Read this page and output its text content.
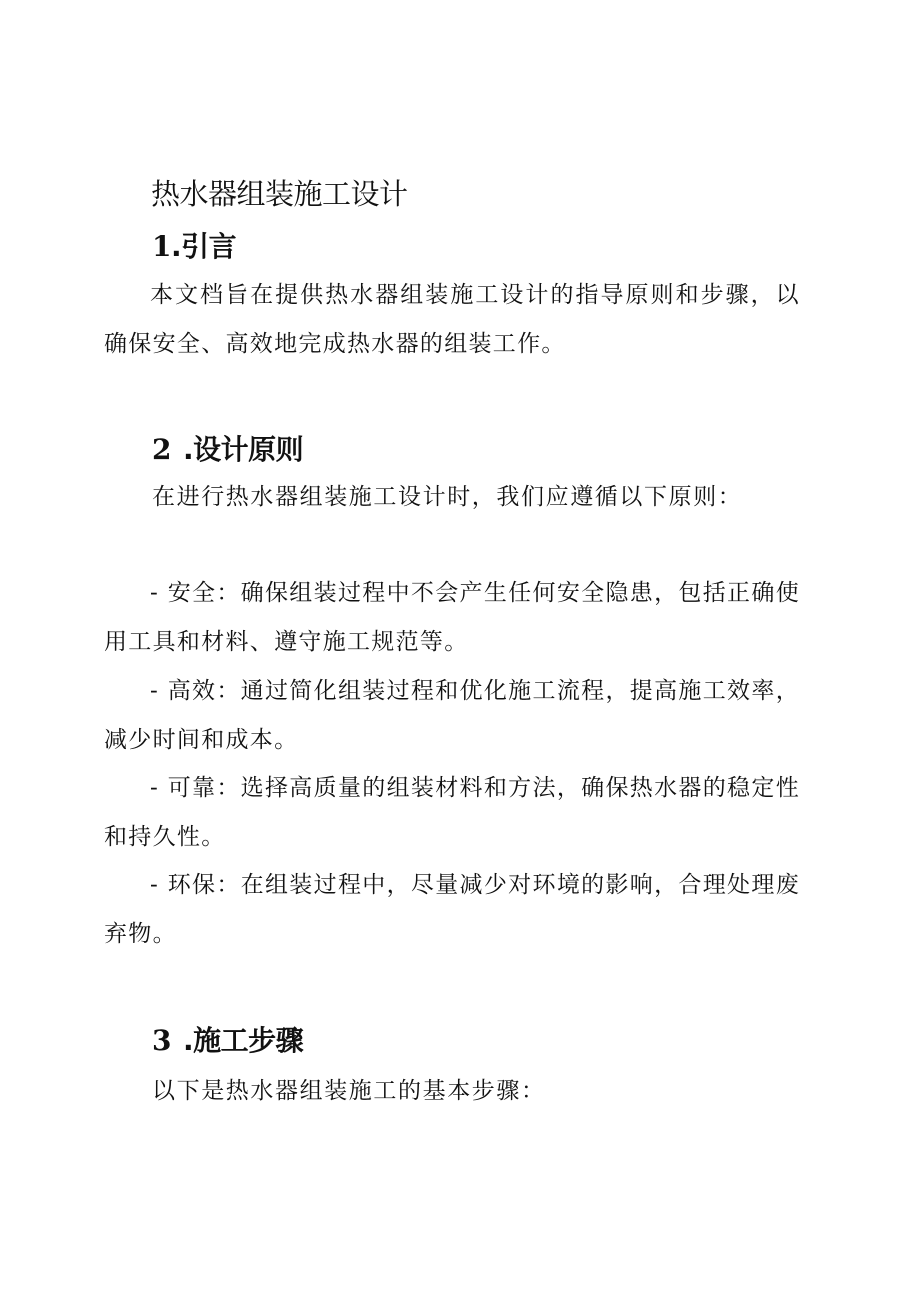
热水器组装施工设计
1.引言

本文档旨在提供热水器组装施工设计的指导原则和步骤，以确保安全、高效地完成热水器的组装工作。

2 .设计原则

在进行热水器组装施工设计时，我们应遵循以下原则：

- 安全：确保组装过程中不会产生任何安全隐患，包括正确使用工具和材料、遵守施工规范等。

- 高效：通过简化组装过程和优化施工流程，提高施工效率，减少时间和成本。

- 可靠：选择高质量的组装材料和方法，确保热水器的稳定性和持久性。

- 环保：在组装过程中，尽量减少对环境的影响，合理处理废弃物。

3 .施工步骤

以下是热水器组装施工的基本步骤：
